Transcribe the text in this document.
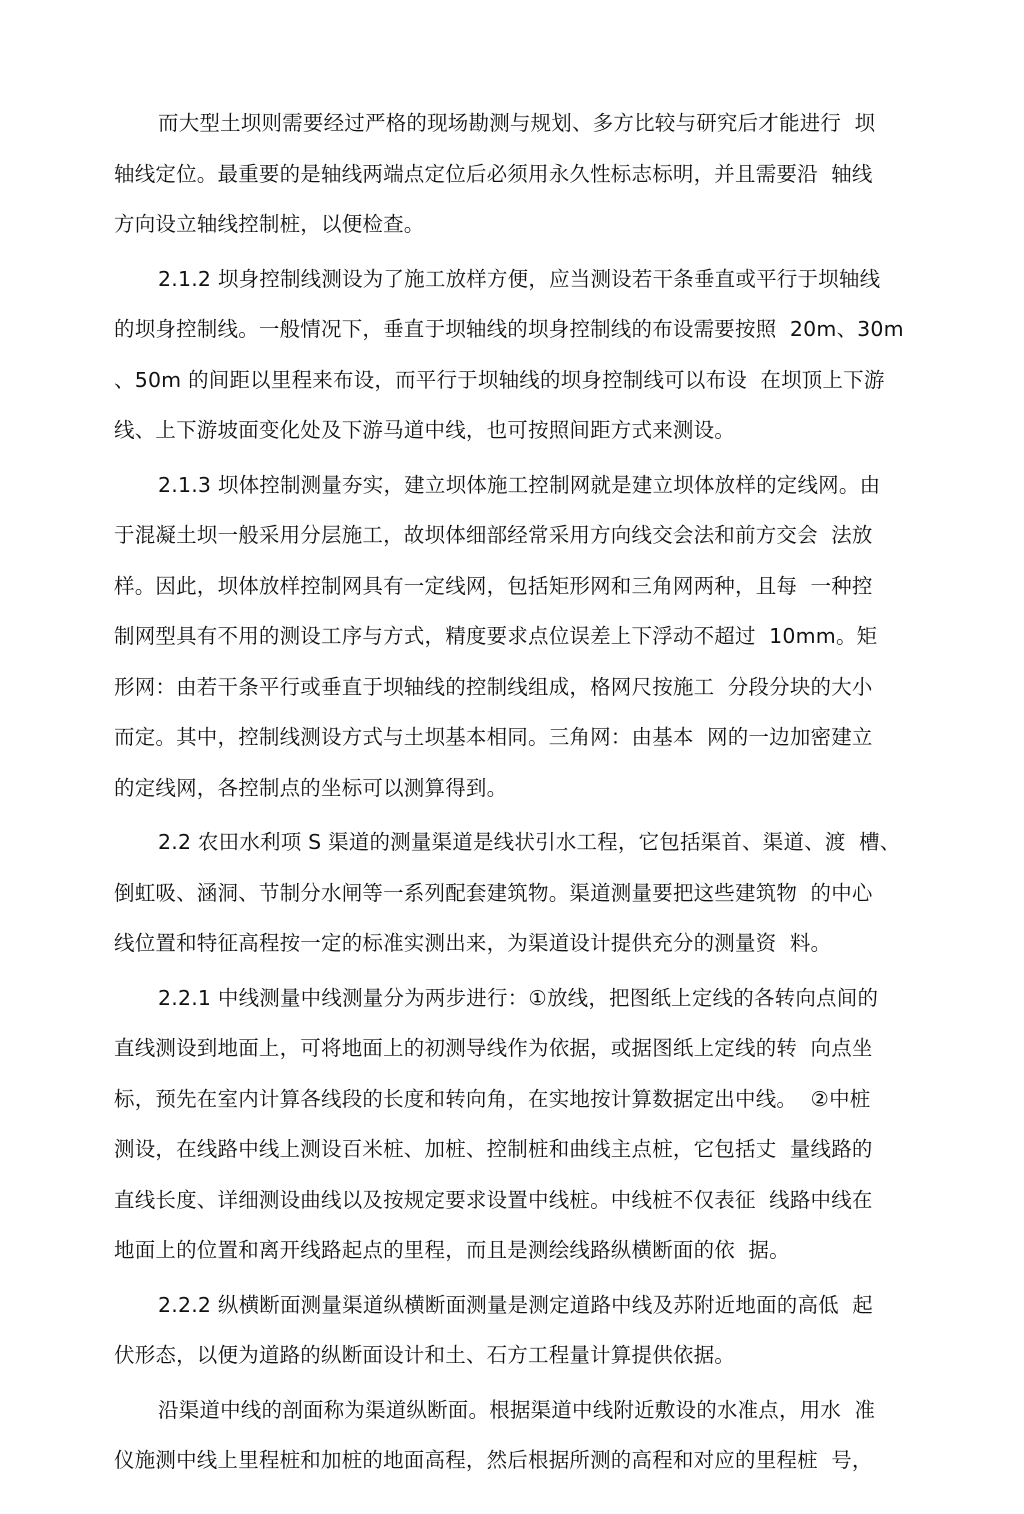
而大型土坝则需要经过严格的现场勘测与规划、多方比较与研究后才能进行  坝
轴线定位。最重要的是轴线两端点定位后必须用永久性标志标明，并且需要沿  轴线
方向设立轴线控制桩，以便检查。
2.1.2 坝身控制线测设为了施工放样方便，应当测设若干条垂直或平行于坝轴线
的坝身控制线。一般情况下，垂直于坝轴线的坝身控制线的布设需要按照  20m、30m
、50m 的间距以里程来布设，而平行于坝轴线的坝身控制线可以布设  在坝顶上下游
线、上下游坡面变化处及下游马道中线，也可按照间距方式来测设。
2.1.3 坝体控制测量夯实，建立坝体施工控制网就是建立坝体放样的定线网。由
于混凝土坝一般采用分层施工，故坝体细部经常采用方向线交会法和前方交会  法放
样。因此，坝体放样控制网具有一定线网，包括矩形网和三角网两种，且每  一种控
制网型具有不用的测设工序与方式，精度要求点位误差上下浮动不超过  10mm。矩
形网：由若干条平行或垂直于坝轴线的控制线组成，格网尺按施工  分段分块的大小
而定。其中，控制线测设方式与土坝基本相同。三角网：由基本  网的一边加密建立
的定线网，各控制点的坐标可以测算得到。
2.2 农田水利项 S 渠道的测量渠道是线状引水工程，它包括渠首、渠道、渡  槽、
倒虹吸、涵洞、节制分水闸等一系列配套建筑物。渠道测量要把这些建筑物  的中心
线位置和特征高程按一定的标准实测出来，为渠道设计提供充分的测量资  料。
2.2.1 中线测量中线测量分为两步进行：①放线，把图纸上定线的各转向点间的
直线测设到地面上，可将地面上的初测导线作为依据，或据图纸上定线的转  向点坐
标，预先在室内计算各线段的长度和转向角，在实地按计算数据定出中线。  ②中桩
测设，在线路中线上测设百米桩、加桩、控制桩和曲线主点桩，它包括丈  量线路的
直线长度、详细测设曲线以及按规定要求设置中线桩。中线桩不仅表征  线路中线在
地面上的位置和离开线路起点的里程，而且是测绘线路纵横断面的依  据。
2.2.2 纵横断面测量渠道纵横断面测量是测定道路中线及苏附近地面的高低  起
伏形态，以便为道路的纵断面设计和土、石方工程量计算提供依据。
沿渠道中线的剖面称为渠道纵断面。根据渠道中线附近敷设的水准点，用水  准
仪施测中线上里程桩和加桩的地面高程，然后根据所测的高程和对应的里程桩  号，
